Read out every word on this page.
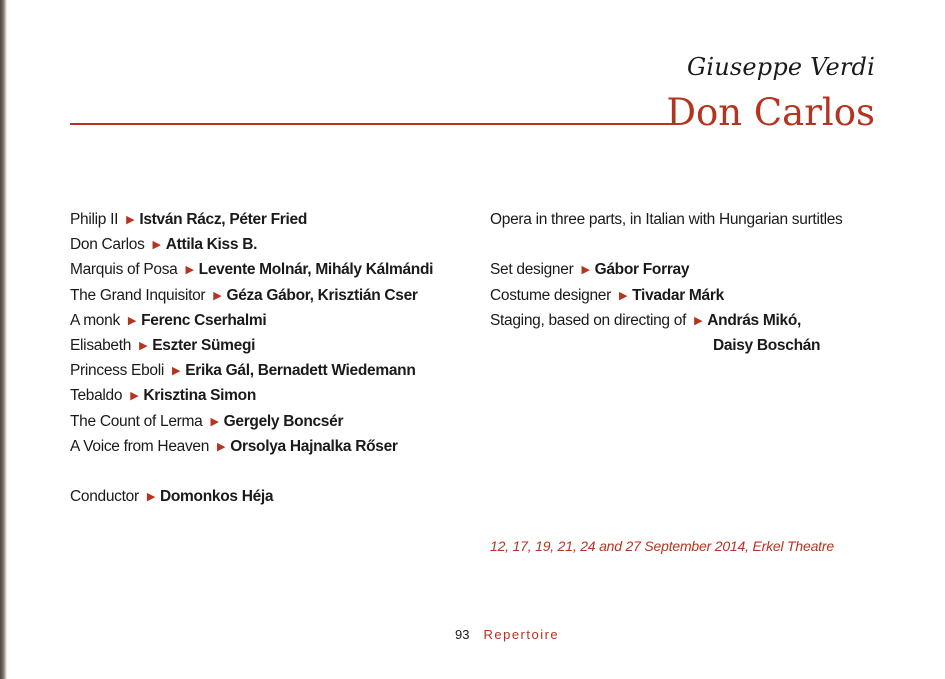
Giuseppe Verdi
Don Carlos
Philip II ▶ István Rácz, Péter Fried
Don Carlos ▶ Attila Kiss B.
Marquis of Posa ▶ Levente Molnár, Mihály Kálmándi
The Grand Inquisitor ▶ Géza Gábor, Krisztián Cser
A monk ▶ Ferenc Cserhalmi
Elisabeth ▶ Eszter Sümegi
Princess Eboli ▶ Erika Gál, Bernadett Wiedemann
Tebaldo ▶ Krisztina Simon
The Count of Lerma ▶ Gergely Boncsér
A Voice from Heaven ▶ Orsolya Hajnalka Rőser
Conductor ▶ Domonkos Héja
Opera in three parts, in Italian with Hungarian surtitles
Set designer ▶ Gábor Forray
Costume designer ▶ Tivadar Márk
Staging, based on directing of ▶ András Mikó,
Daisy Boschán
12, 17, 19, 21, 24 and 27 September 2014, Erkel Theatre
93 Repertoire
